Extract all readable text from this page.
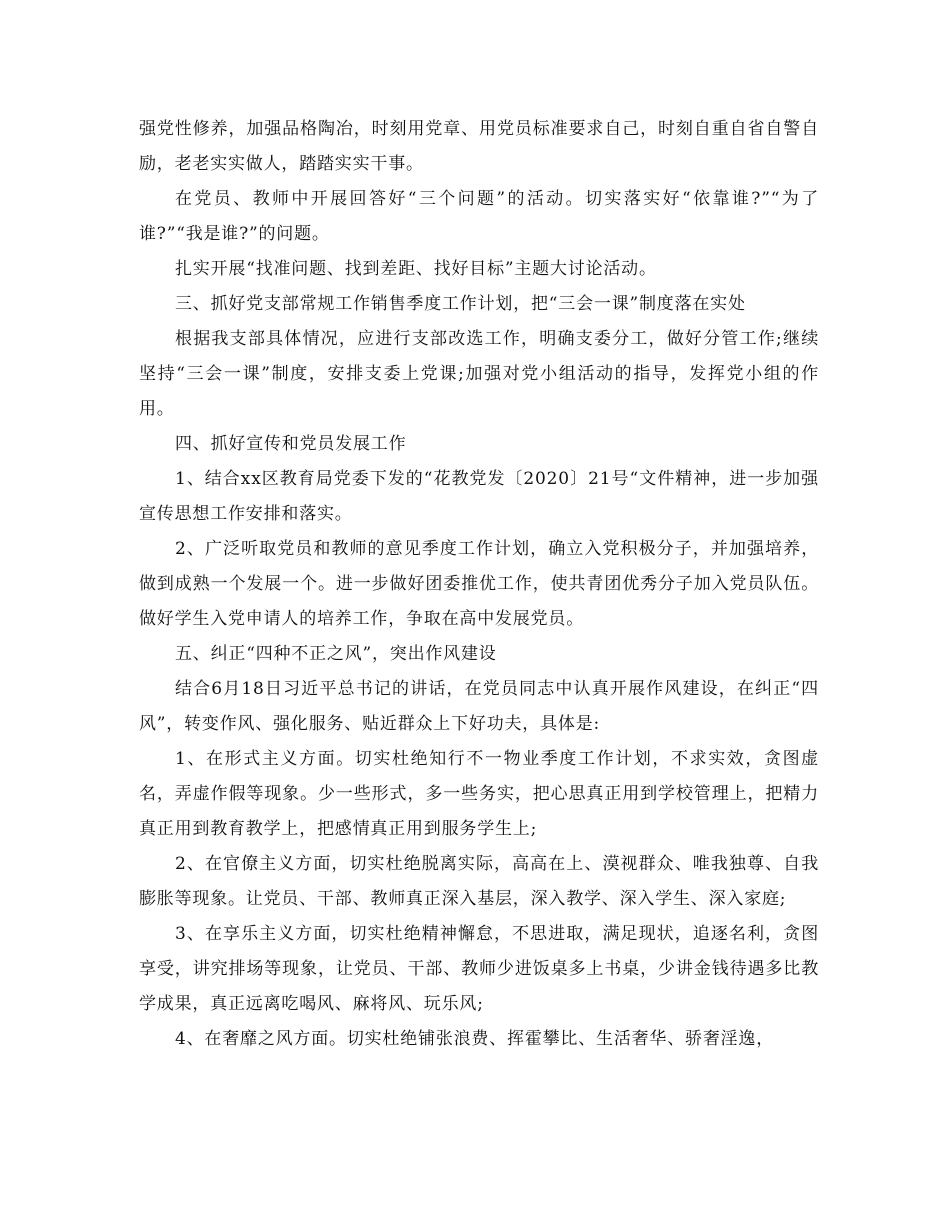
强党性修养，加强品格陶冶，时刻用党章、用党员标准要求自己，时刻自重自省自警自励，老老实实做人，踏踏实实干事。

在党员、教师中开展回答好“三个问题”的活动。切实落实好“依靠谁?”“为了谁?”“我是谁?”的问题。

扎实开展“找准问题、找到差距、找好目标”主题大讨论活动。

三、抓好党支部常规工作销售季度工作计划，把“三会一课”制度落在实处

根据我支部具体情况，应进行支部改选工作，明确支委分工，做好分管工作;继续坚持“三会一课”制度，安排支委上党课;加强对党小组活动的指导，发挥党小组的作用。

四、抓好宣传和党员发展工作

1、结合xx区教育局党委下发的“花教党发〔2020〕21号“文件精神，进一步加强宣传思想工作安排和落实。

2、广泛听取党员和教师的意见季度工作计划，确立入党积极分子，并加强培养，做到成熟一个发展一个。进一步做好团委推优工作，使共青团优秀分子加入党员队伍。做好学生入党申请人的培养工作，争取在高中发展党员。

五、纠正“四种不正之风”，突出作风建设

结合6月18日习近平总书记的讲话，在党员同志中认真开展作风建设，在纠正“四风”，转变作风、强化服务、贴近群众上下好功夫，具体是:

1、在形式主义方面。切实杜绝知行不一物业季度工作计划，不求实效，贪图虚名，弄虚作假等现象。少一些形式，多一些务实，把心思真正用到学校管理上，把精力真正用到教育教学上，把感情真正用到服务学生上;

2、在官僚主义方面，切实杜绝脱离实际，高高在上、漠视群众、唯我独尊、自我膨胀等现象。让党员、干部、教师真正深入基层，深入教学、深入学生、深入家庭;

3、在享乐主义方面，切实杜绝精神懈怠，不思进取，满足现状，追逐名利，贪图享受，讲究排场等现象，让党员、干部、教师少进饭桌多上书桌，少讲金钱待遇多比教学成果，真正远离吃喝风、麻将风、玩乐风;

4、在奢靡之风方面。切实杜绝铺张浪费、挥霍攀比、生活奢华、骄奢淫逸，
